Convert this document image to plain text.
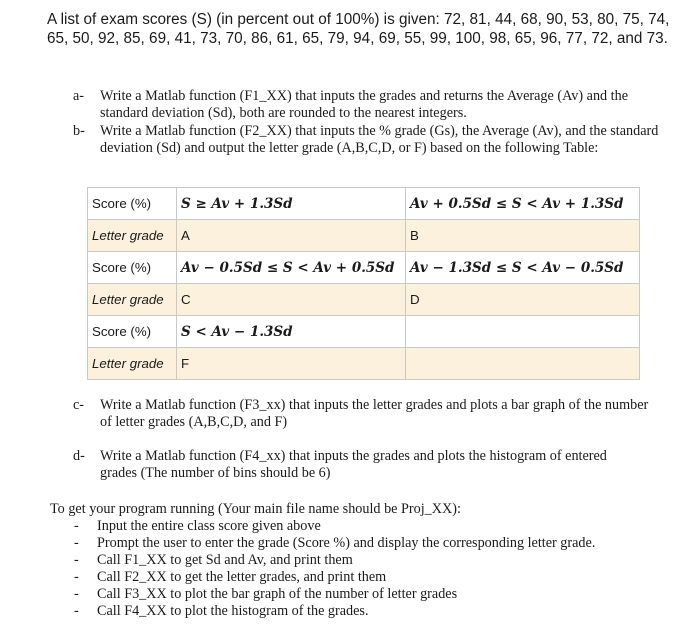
A list of exam scores (S) (in percent out of 100%) is given: 72, 81, 44, 68, 90, 53, 80, 75, 74, 65, 50, 92, 85, 69, 41, 73, 70, 86, 61, 65, 79, 94, 69, 55, 99, 100, 98, 65, 96, 77, 72, and 73.
a- Write a Matlab function (F1_XX) that inputs the grades and returns the Average (Av) and the standard deviation (Sd), both are rounded to the nearest integers.
b- Write a Matlab function (F2_XX) that inputs the % grade (Gs), the Average (Av), and the standard deviation (Sd) and output the letter grade (A,B,C,D, or F) based on the following Table:
Score (%)	S ≥ Av + 1.3Sd	Av + 0.5Sd ≤ S < Av + 1.3Sd
Letter grade	A	B
Score (%)	Av − 0.5Sd ≤ S < Av + 0.5Sd	Av − 1.3Sd ≤ S < Av − 0.5Sd
Letter grade	C	D
Score (%)	S < Av − 1.3Sd	
Letter grade	F	
c- Write a Matlab function (F3_xx) that inputs the letter grades and plots a bar graph of the number of letter grades (A,B,C,D, and F)
d- Write a Matlab function (F4_xx) that inputs the grades and plots the histogram of entered grades (The number of bins should be 6)
To get your program running (Your main file name should be Proj_XX):
- Input the entire class score given above
- Prompt the user to enter the grade (Score %) and display the corresponding letter grade.
- Call F1_XX to get Sd and Av, and print them
- Call F2_XX to get the letter grades, and print them
- Call F3_XX to plot the bar graph of the number of letter grades
- Call F4_XX to plot the histogram of the grades.
